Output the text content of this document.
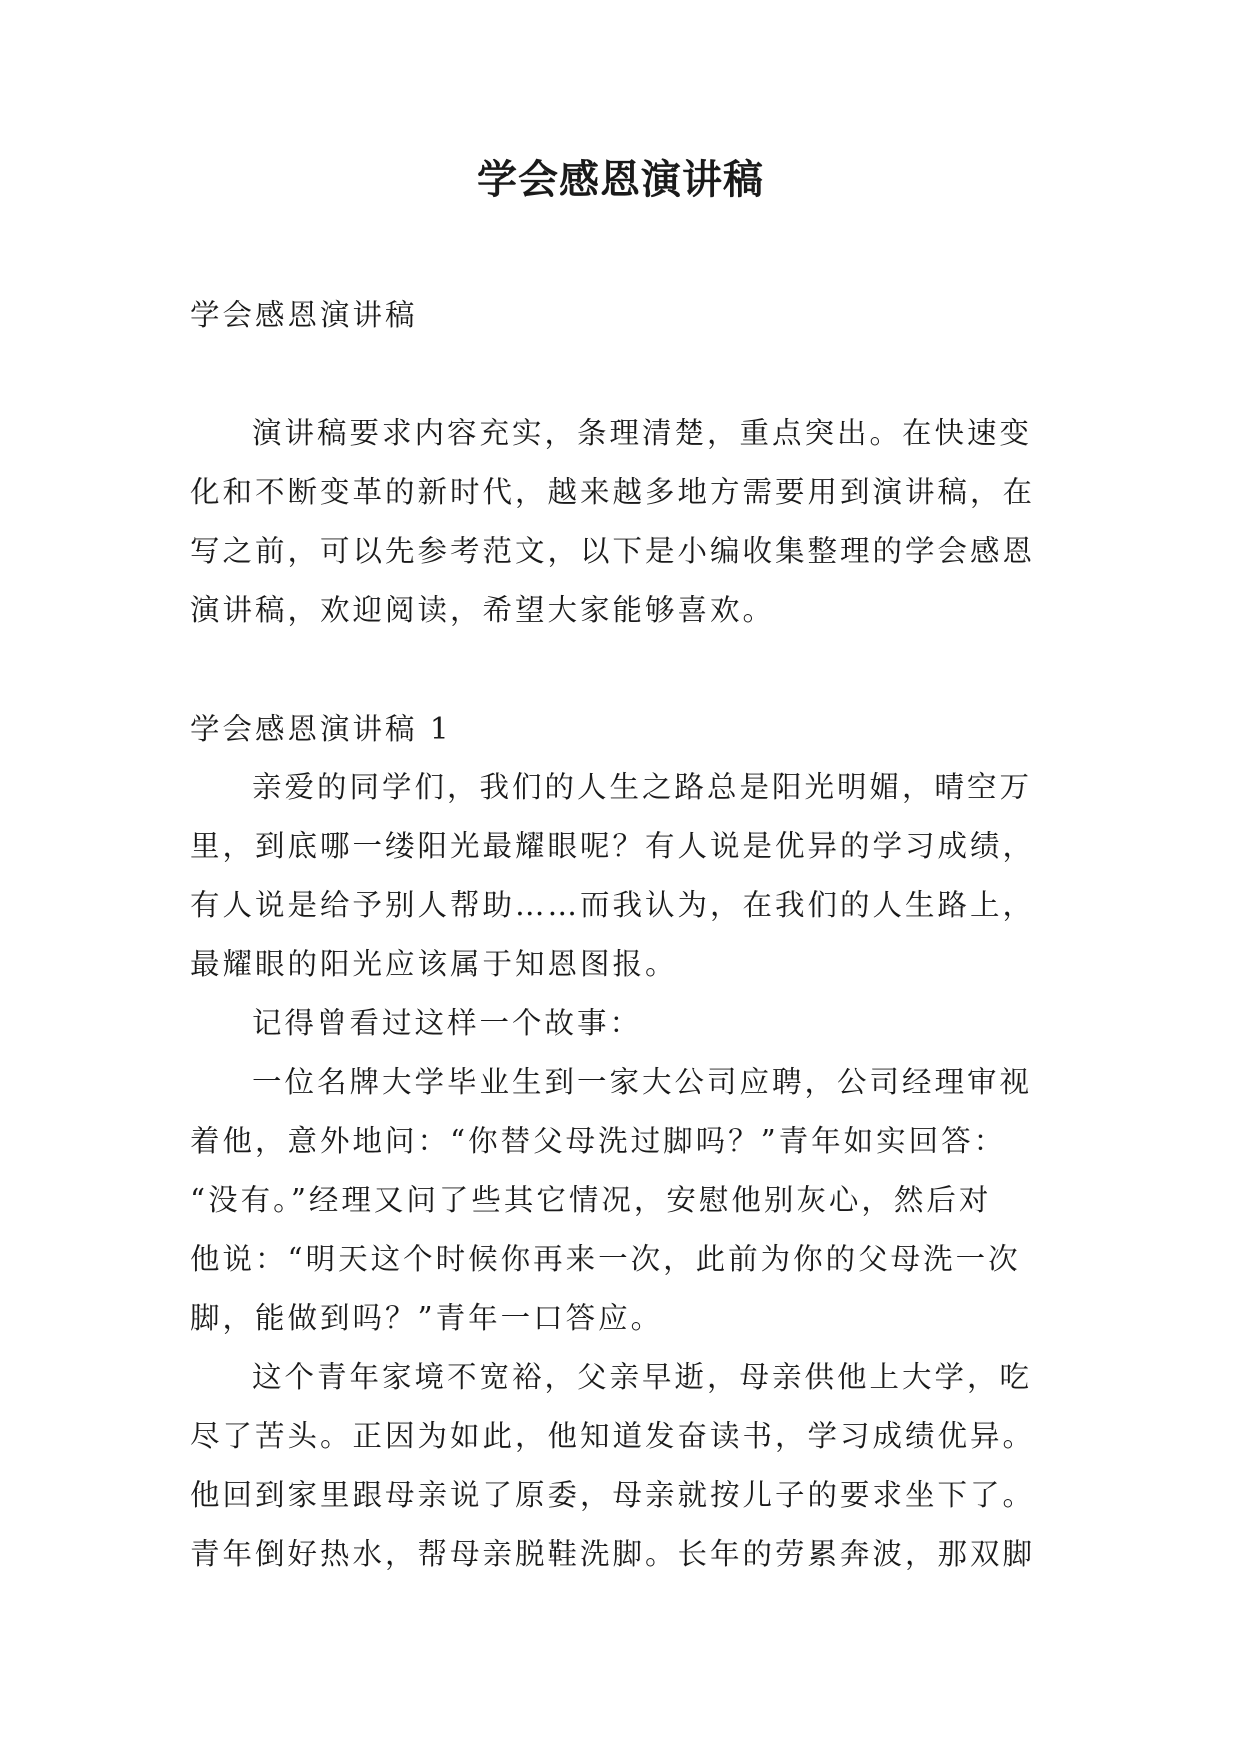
学会感恩演讲稿

学会感恩演讲稿

演讲稿要求内容充实，条理清楚，重点突出。在快速变

化和不断变革的新时代，越来越多地方需要用到演讲稿，在

写之前，可以先参考范文，以下是小编收集整理的学会感恩

演讲稿，欢迎阅读，希望大家能够喜欢。

学会感恩演讲稿 1

亲爱的同学们，我们的人生之路总是阳光明媚，晴空万

里，到底哪一缕阳光最耀眼呢？有人说是优异的学习成绩，

有人说是给予别人帮助……而我认为，在我们的人生路上，

最耀眼的阳光应该属于知恩图报。

记得曾看过这样一个故事：

一位名牌大学毕业生到一家大公司应聘，公司经理审视

着他，意外地问：“你替父母洗过脚吗？”青年如实回答：

“没有。”经理又问了些其它情况，安慰他别灰心，然后对

他说：“明天这个时候你再来一次，此前为你的父母洗一次

脚，能做到吗？”青年一口答应。

这个青年家境不宽裕，父亲早逝，母亲供他上大学，吃

尽了苦头。正因为如此，他知道发奋读书，学习成绩优异。

他回到家里跟母亲说了原委，母亲就按儿子的要求坐下了。

青年倒好热水，帮母亲脱鞋洗脚。长年的劳累奔波，那双脚
